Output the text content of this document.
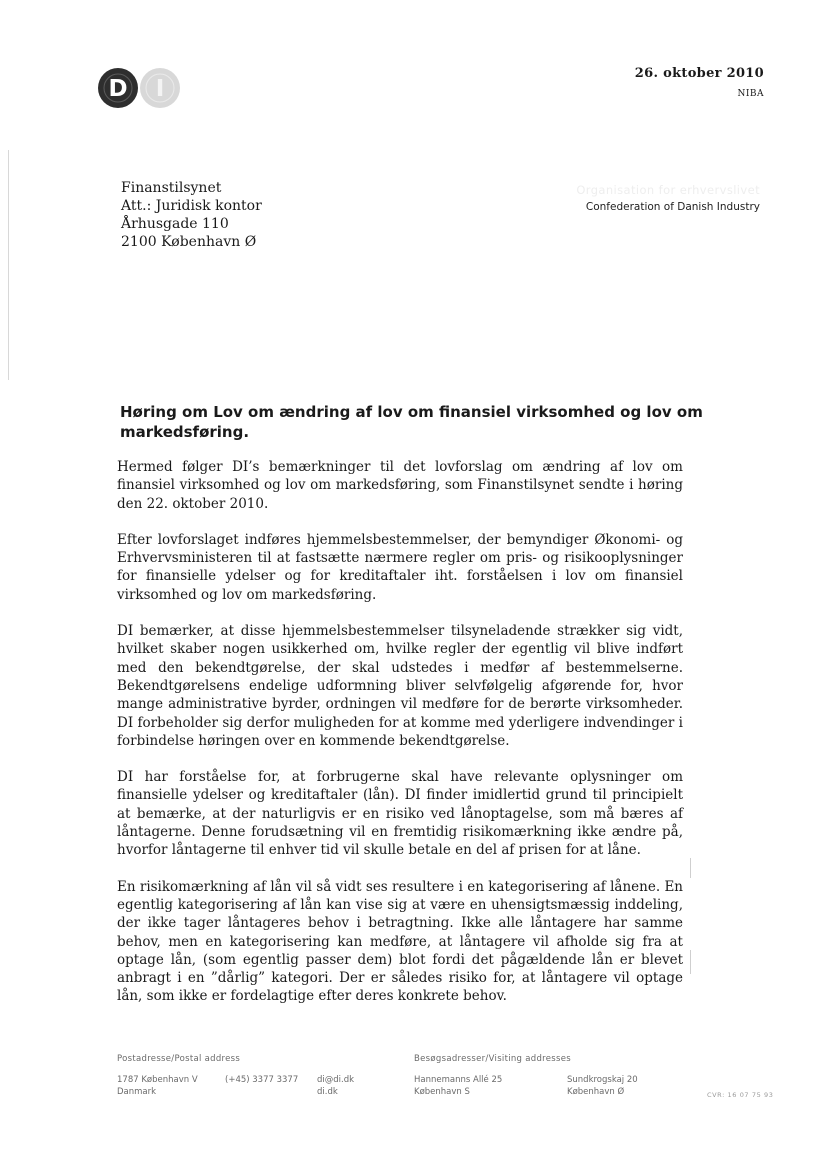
D I
26. oktober 2010
NIBA
Organisation for erhvervslivet
Confederation of Danish Industry
Finanstilsynet
Att.: Juridisk kontor
Århusgade 110
2100 København Ø
Høring om Lov om ændring af lov om finansiel virksomhed og lov om markedsføring.

Hermed følger DI’s bemærkninger til det lovforslag om ændring af lov om finansiel virksomhed og lov om markedsføring, som Finanstilsynet sendte i høring den 22. oktober 2010.

Efter lovforslaget indføres hjemmelsbestemmelser, der bemyndiger Økonomi- og Erhvervsministeren til at fastsætte nærmere regler om pris- og risikooplysninger for finansielle ydelser og for kreditaftaler iht. forståelsen i lov om finansiel virksomhed og lov om markedsføring.

DI bemærker, at disse hjemmelsbestemmelser tilsyneladende strækker sig vidt, hvilket skaber nogen usikkerhed om, hvilke regler der egentlig vil blive indført med den bekendtgørelse, der skal udstedes i medfør af bestemmelserne. Bekendtgørelsens endelige udformning bliver selvfølgelig afgørende for, hvor mange administrative byrder, ordningen vil medføre for de berørte virksomheder. DI forbeholder sig derfor muligheden for at komme med yderligere indvendinger i forbindelse høringen over en kommende bekendtgørelse.

DI har forståelse for, at forbrugerne skal have relevante oplysninger om finansielle ydelser og kreditaftaler (lån). DI finder imidlertid grund til principielt at bemærke, at der naturligvis er en risiko ved lånoptagelse, som må bæres af låntagerne. Denne forudsætning vil en fremtidig risikomærkning ikke ændre på, hvorfor låntagerne til enhver tid vil skulle betale en del af prisen for at låne.

En risikomærkning af lån vil så vidt ses resultere i en kategorisering af lånene. En egentlig kategorisering af lån kan vise sig at være en uhensigtsmæssig inddeling, der ikke tager låntageres behov i betragtning. Ikke alle låntagere har samme behov, men en kategorisering kan medføre, at låntagere vil afholde sig fra at optage lån, (som egentlig passer dem) blot fordi det pågældende lån er blevet anbragt i en ”dårlig” kategori. Der er således risiko for, at låntagere vil optage lån, som ikke er fordelagtige efter deres konkrete behov.

Postadresse/Postal address
1787 København V
Danmark
(+45) 3377 3377 di@di.dk
di.dk
Besøgsadresser/Visiting addresses
Hannemanns Allé 25
København S
Sundkrogskaj 20
København Ø	CVR: 16 07 75 93
